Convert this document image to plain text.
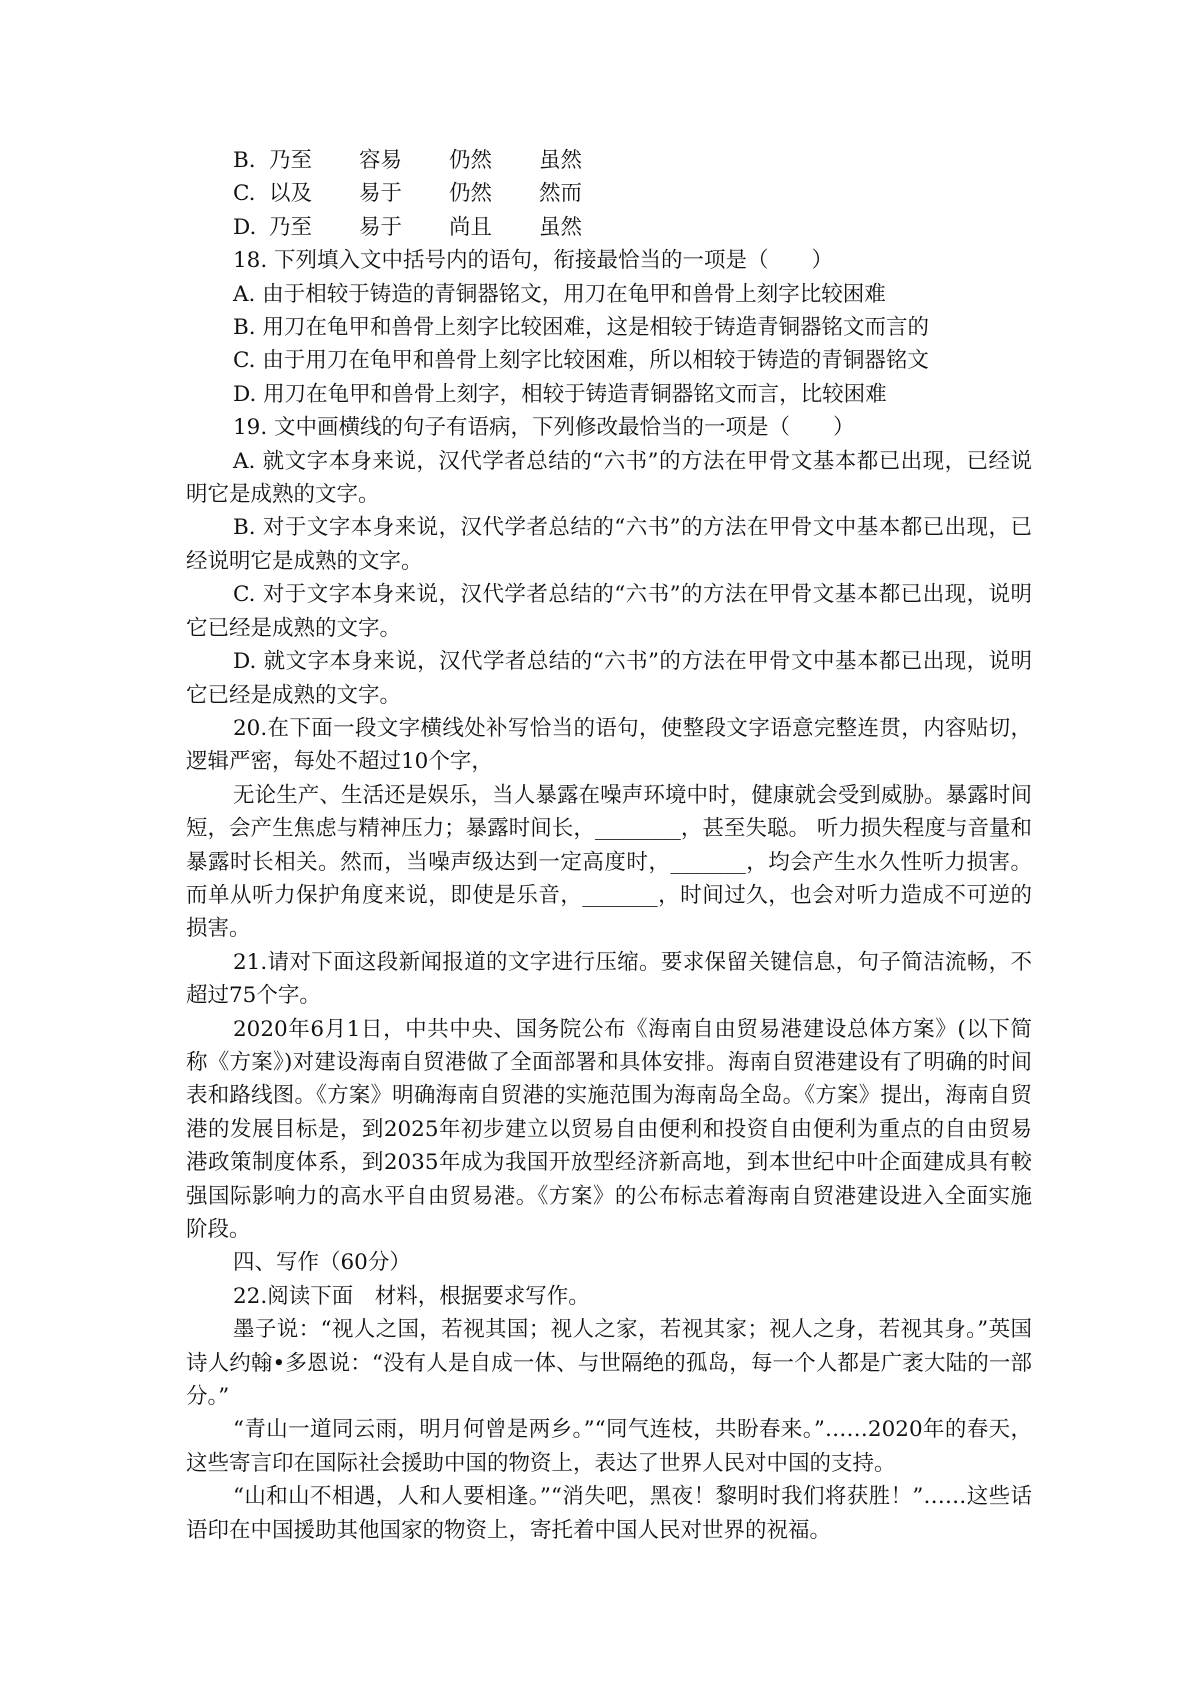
B. 乃至 容易 仍然 虽然

C. 以及 易于 仍然 然而

D. 乃至 易于 尚且 虽然

18. 下列填入文中括号内的语句，衔接最恰当的一项是（　　）

A. 由于相较于铸造的青铜器铭文，用刀在龟甲和兽骨上刻字比较困难

B. 用刀在龟甲和兽骨上刻字比较困难，这是相较于铸造青铜器铭文而言的

C. 由于用刀在龟甲和兽骨上刻字比较困难，所以相较于铸造的青铜器铭文

D. 用刀在龟甲和兽骨上刻字，相较于铸造青铜器铭文而言，比较困难

19. 文中画横线的句子有语病，下列修改最恰当的一项是（　　）

A. 就文字本身来说，汉代学者总结的“六书”的方法在甲骨文基本都已出现，已经说明它是成熟的文字。

B. 对于文字本身来说，汉代学者总结的“六书”的方法在甲骨文中基本都已出现，已经说明它是成熟的文字。

C. 对于文字本身来说，汉代学者总结的“六书”的方法在甲骨文基本都已出现，说明它已经是成熟的文字。

D. 就文字本身来说，汉代学者总结的“六书”的方法在甲骨文中基本都已出现，说明它已经是成熟的文字。

20.在下面一段文字横线处补写恰当的语句，使整段文字语意完整连贯，内容贴切，逻辑严密，每处不超过10个字，

无论生产、生活还是娱乐，当人暴露在噪声环境中时，健康就会受到威胁。暴露时间短，会产生焦虑与精神压力；暴露时间长，________，甚至失聪。 听力损失程度与音量和暴露时长相关。然而，当噪声级达到一定高度时，_______，均会产生水久性听力损害。而单从听力保护角度来说，即使是乐音，_______，时间过久，也会对听力造成不可逆的损害。

21.请对下面这段新闻报道的文字进行压缩。要求保留关键信息，句子简洁流畅，不超过75个字。

2020年6月1日，中共中央、国务院公布《海南自由贸易港建设总体方案》(以下简称《方案》)对建设海南自贸港做了全面部署和具体安排。海南自贸港建设有了明确的时间表和路线图。《方案》明确海南自贸港的实施范围为海南岛全岛。《方案》提出，海南自贸港的发展目标是，到2025年初步建立以贸易自由便利和投资自由便利为重点的自由贸易港政策制度体系，到2035年成为我国开放型经济新高地，到本世纪中叶企面建成具有較强国际影响力的高水平自由贸易港。《方案》的公布标志着海南自贸港建设进入全面实施阶段。

四、写作（60分）

22.阅读下面　材料，根据要求写作。

墨子说：“视人之国，若视其国；视人之家，若视其家；视人之身，若视其身。”英国诗人约翰•多恩说：“没有人是自成一体、与世隔绝的孤岛，每一个人都是广袤大陆的一部分。”

“青山一道同云雨，明月何曾是两乡。”“同气连枝，共盼春来。”……2020年的春天，这些寄言印在国际社会援助中国的物资上，表达了世界人民对中国的支持。

“山和山不相遇，人和人要相逢。”“消失吧，黑夜！黎明时我们将获胜！”……这些话语印在中国援助其他国家的物资上，寄托着中国人民对世界的祝福。
